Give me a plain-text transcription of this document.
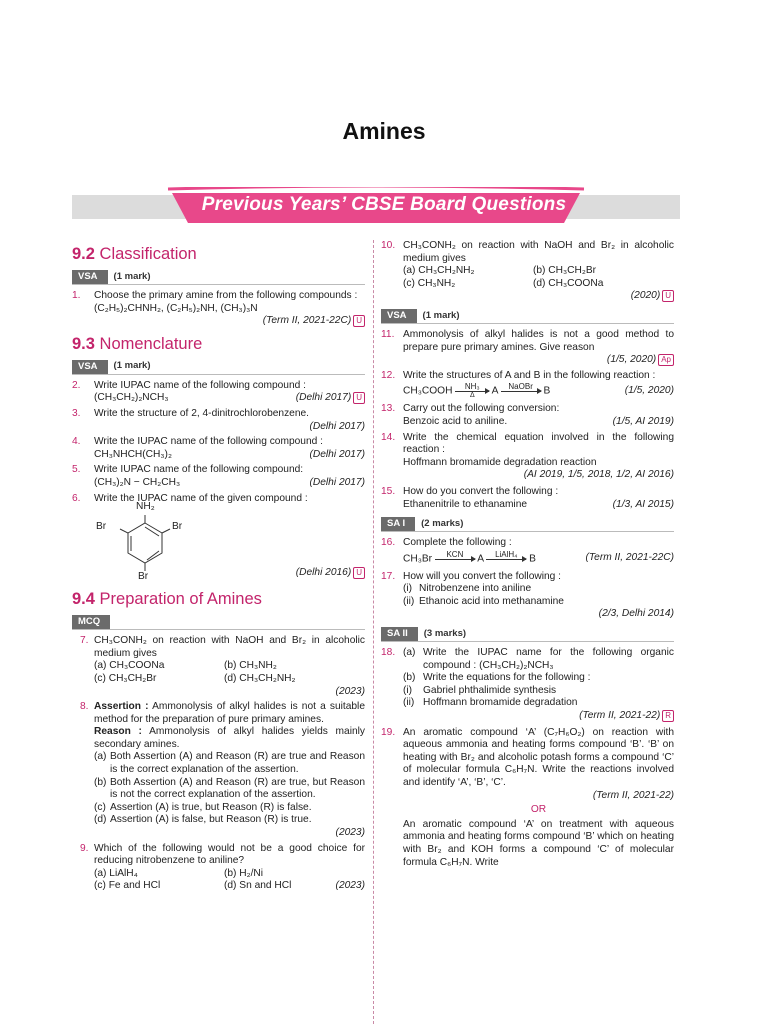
Amines
Previous Years’ CBSE Board Questions
9.2 Classification
VSA	(1 mark)
1.	Choose the primary amine from the following compounds :
(C₂H₅)₂CHNH₂, (C₂H₅)₂NH, (CH₃)₃N
(Term II, 2021-22C) U
9.3 Nomenclature
VSA	(1 mark)
2.	Write IUPAC name of the following compound :
(CH₃CH₂)₂NCH₃	(Delhi 2017) U
3.	Write the structure of 2, 4-dinitrochlorobenzene.
(Delhi 2017)
4.	Write the IUPAC name of the following compound :
CH₃NHCH(CH₃)₂	(Delhi 2017)
5.	Write IUPAC name of the following compound:
(CH₃)₂N − CH₂CH₃	(Delhi 2017)
6.	Write the IUPAC name of the given compound :
NH₂
Br	Br
Br	(Delhi 2016) U
9.4 Preparation of Amines
MCQ
7. CH₃CONH₂ on reaction with NaOH and Br₂ in alcoholic medium gives
(a) CH₃COONa	(b) CH₃NH₂
(c) CH₃CH₂Br	(d) CH₃CH₂NH₂
(2023)
8. Assertion : Ammonolysis of alkyl halides is not a suitable method for the preparation of pure primary amines.
Reason : Ammonolysis of alkyl halides yields mainly secondary amines.
(a) Both Assertion (A) and Reason (R) are true and Reason is the correct explanation of the assertion.
(b) Both Assertion (A) and Reason (R) are true, but Reason is not the correct explanation of the assertion.
(c) Assertion (A) is true, but Reason (R) is false.
(d) Assertion (A) is false, but Reason (R) is true.
(2023)
9. Which of the following would not be a good choice for reducing nitrobenzene to aniline?
(a) LiAlH₄	(b) H₂/Ni
(c) Fe and HCl	(d) Sn and HCl	(2023)
10. CH₃CONH₂ on reaction with NaOH and Br₂ in alcoholic medium gives
(a) CH₃CH₂NH₂	(b) CH₃CH₂Br
(c) CH₃NH₂	(d) CH₃COONa
(2020) U
VSA	(1 mark)
11. Ammonolysis of alkyl halides is not a good method to prepare pure primary amines. Give reason
(1/5, 2020) Ap
12. Write the structures of A and B in the following reaction :
CH₃COOH $\frac{\text{NH₃}}{\Delta}$ A	NaOBr
	B	(1/5, 2020)
13. Carry out the following conversion:
Benzoic acid to aniline.	(1/5, AI 2019)
14. Write the chemical equation involved in the following reaction :
Hoffmann bromamide degradation reaction
(AI 2019, 1/5, 2018, 1/2, AI 2016)
15. How do you convert the following :
Ethanenitrile to ethanamine	(1/3, AI 2015)
SA I	(2 marks)
16. Complete the following :
CH₃Br	KCN
	A	LiAlH₄
	B	(Term II, 2021-22C)
17. How will you convert the following :
(i) Nitrobenzene into aniline
(ii) Ethanoic acid into methanamine
(2/3, Delhi 2014)
SA II	(3 marks)
18. (a) Write the IUPAC name for the following organic compound : (CH₃CH₂)₂NCH₃
(b) Write the equations for the following :
(i)	Gabriel phthalimide synthesis
(ii) Hoffmann bromamide degradation
(Term II, 2021-22) R
19. An aromatic compound ‘A’ (C₇H₆O₂) on reaction with aqueous ammonia and heating forms compound ‘B’. ‘B’ on heating with Br₂ and alcoholic potash forms a compound ‘C’ of molecular formula C₆H₇N. Write the reactions involved and identify ‘A’, ‘B’, ‘C’.
(Term II, 2021-22)
OR
An aromatic compound ‘A’ on treatment with aqueous ammonia and heating forms compound ‘B’ which on heating with Br₂ and KOH forms a compound ‘C’ of molecular formula C₆H₇N. Write
